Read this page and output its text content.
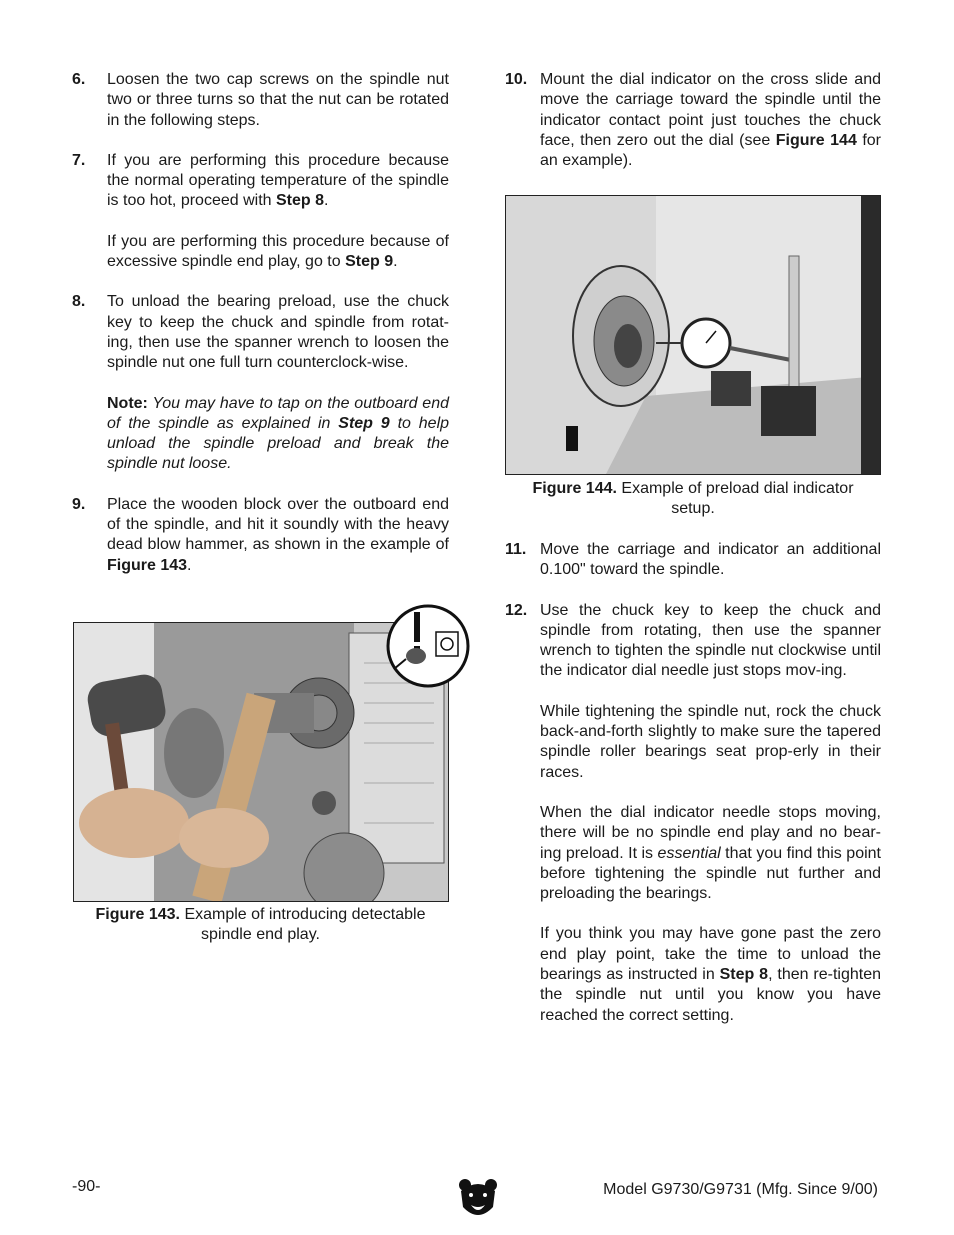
6. Loosen the two cap screws on the spindle nut two or three turns so that the nut can be rotated in the following steps.

7. If you are performing this procedure because the normal operating temperature of the spindle is too hot, proceed with Step 8.

If you are performing this procedure because of excessive spindle end play, go to Step 9.

8. To unload the bearing preload, use the chuck key to keep the chuck and spindle from rotat-ing, then use the spanner wrench to loosen the spindle nut one full turn counterclock-wise.

Note: You may have to tap on the outboard end of the spindle as explained in Step 9 to help unload the spindle preload and break the spindle nut loose.

9. Place the wooden block over the outboard end of the spindle, and hit it soundly with the heavy dead blow hammer, as shown in the example of Figure 143.

Figure 143. Example of introducing detectable
spindle end play.
10. Mount the dial indicator on the cross slide and move the carriage toward the spindle until the indicator contact point just touches the chuck face, then zero out the dial (see Figure 144 for an example).

Figure 144. Example of preload dial indicator
setup.
11. Move the carriage and indicator an additional 0.100" toward the spindle.

12. Use the chuck key to keep the chuck and spindle from rotating, then use the spanner wrench to tighten the spindle nut clockwise until the indicator dial needle just stops mov-ing.

While tightening the spindle nut, rock the chuck back-and-forth slightly to make sure the tapered spindle roller bearings seat prop-erly in their races.

When the dial indicator needle stops moving, there will be no spindle end play and no bear-ing preload. It is essential that you find this point before tightening the spindle nut further and preloading the bearings.

If you think you may have gone past the zero end play point, take the time to unload the bearings as instructed in Step 8, then re-tighten the spindle nut until you know you have reached the correct setting.

-90-	Model G9730/G9731 (Mfg. Since 9/00)
